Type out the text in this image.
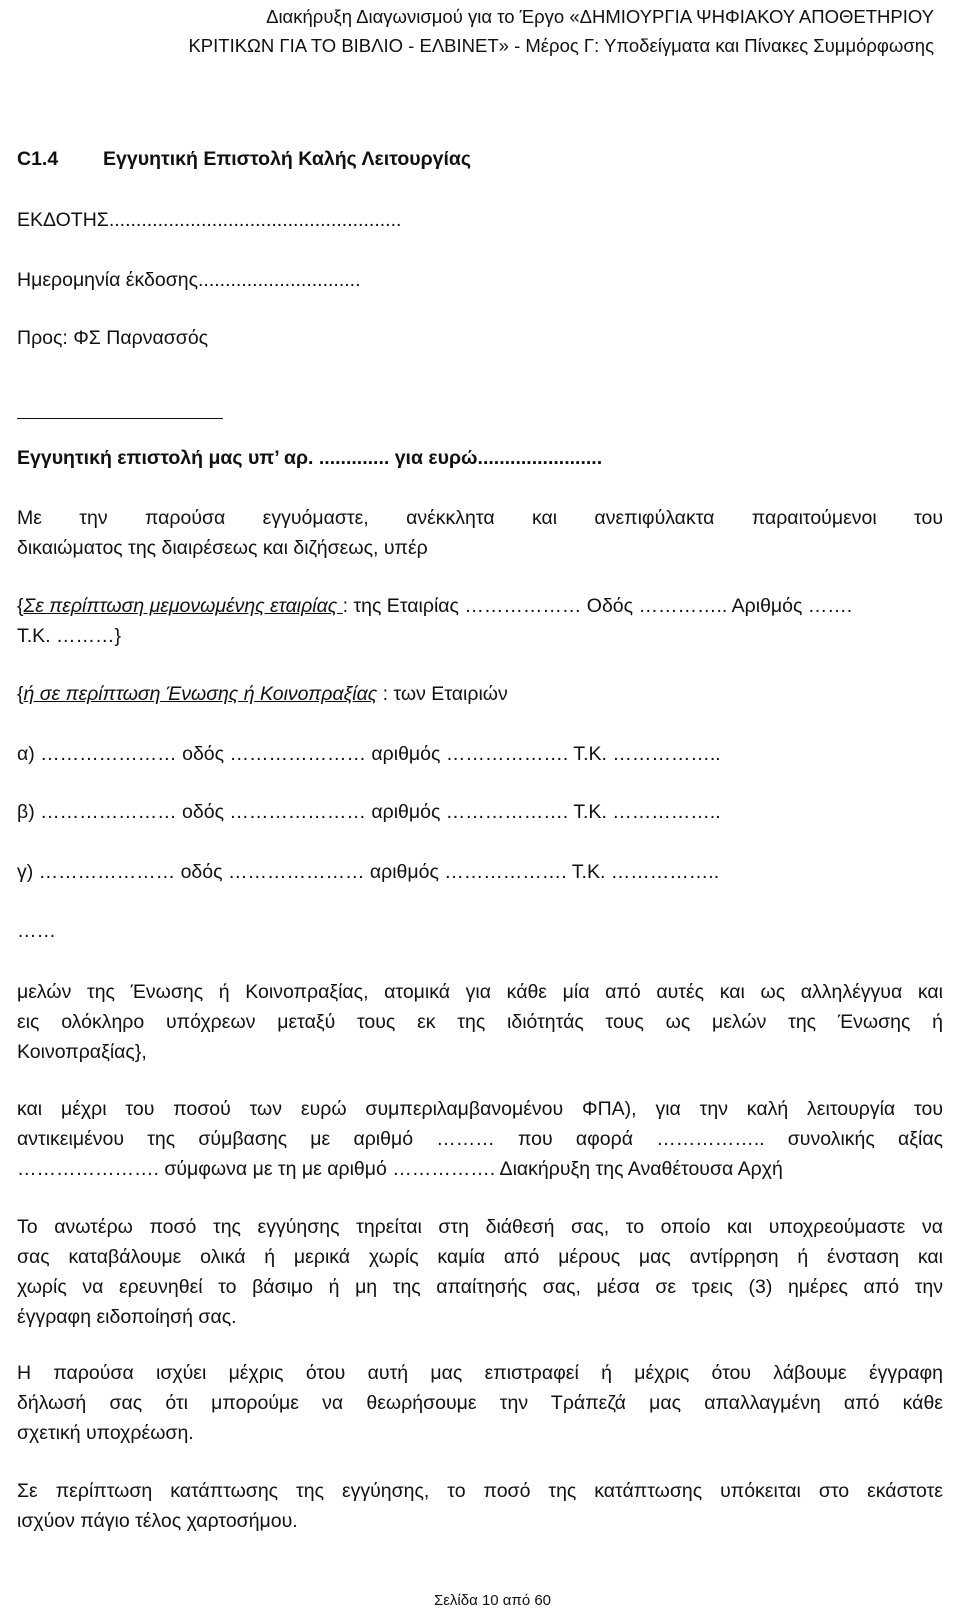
Διακήρυξη Διαγωνισμού για το Έργο «ΔΗΜΙΟΥΡΓΙΑ ΨΗΦΙΑΚΟΥ ΑΠΟΘΕΤΗΡΙΟΥ
ΚΡΙΤΙΚΩΝ ΓΙΑ ΤΟ ΒΙΒΛΙΟ - ΕΛΒΙΝΕΤ» - Μέρος Γ: Υποδείγματα και Πίνακες Συμμόρφωσης
C1.4 Εγγυητική Επιστολή Καλής Λειτουργίας
ΕΚΔΟΤΗΣ......................................................
Ημερομηνία έκδοσης..............................
Προς: ΦΣ Παρνασσός
Εγγυητική επιστολή μας υπ’ αρ. ............. για ευρώ.......................
Με την παρούσα εγγυόμαστε, ανέκκλητα και ανεπιφύλακτα παραιτούμενοι του
δικαιώματος της διαιρέσεως και διζήσεως, υπέρ
{Σε περίπτωση μεμονωμένης εταιρίας : της Εταιρίας ……………… Οδός ………….. Αριθμός …….
Τ.Κ. ………}
{ή σε περίπτωση Ένωσης ή Κοινοπραξίας : των Εταιριών
α) ………………… οδός ………………… αριθμός ………………. Τ.Κ. ……………..
β) ………………… οδός ………………… αριθμός ………………. Τ.Κ. ……………..
γ) ………………… οδός ………………… αριθμός ………………. Τ.Κ. ……………..
……
μελών της Ένωσης ή Κοινοπραξίας, ατομικά για κάθε μία από αυτές και ως αλληλέγγυα και
εις ολόκληρο υπόχρεων μεταξύ τους εκ της ιδιότητάς τους ως μελών της Ένωσης ή
Κοινοπραξίας},
και μέχρι του ποσού των ευρώ συμπεριλαμβανομένου ΦΠΑ), για την καλή λειτουργία του
αντικειμένου της σύμβασης με αριθμό ……… που αφορά …………….. συνολικής αξίας
…………………. σύμφωνα με τη με αριθμό ……………. Διακήρυξη της Αναθέτουσα Αρχή
Το ανωτέρω ποσό της εγγύησης τηρείται στη διάθεσή σας, το οποίο και υποχρεούμαστε να
σας καταβάλουμε ολικά ή μερικά χωρίς καμία από μέρους μας αντίρρηση ή ένσταση και
χωρίς να ερευνηθεί το βάσιμο ή μη της απαίτησής σας, μέσα σε τρεις (3) ημέρες από την
έγγραφη ειδοποίησή σας.
Η παρούσα ισχύει μέχρις ότου αυτή μας επιστραφεί ή μέχρις ότου λάβουμε έγγραφη
δήλωσή σας ότι μπορούμε να θεωρήσουμε την Τράπεζά μας απαλλαγμένη από κάθε
σχετική υποχρέωση.
Σε περίπτωση κατάπτωσης της εγγύησης, το ποσό της κατάπτωσης υπόκειται στο εκάστοτε
ισχύον πάγιο τέλος χαρτοσήμου.
Σελίδα 10 από 60
